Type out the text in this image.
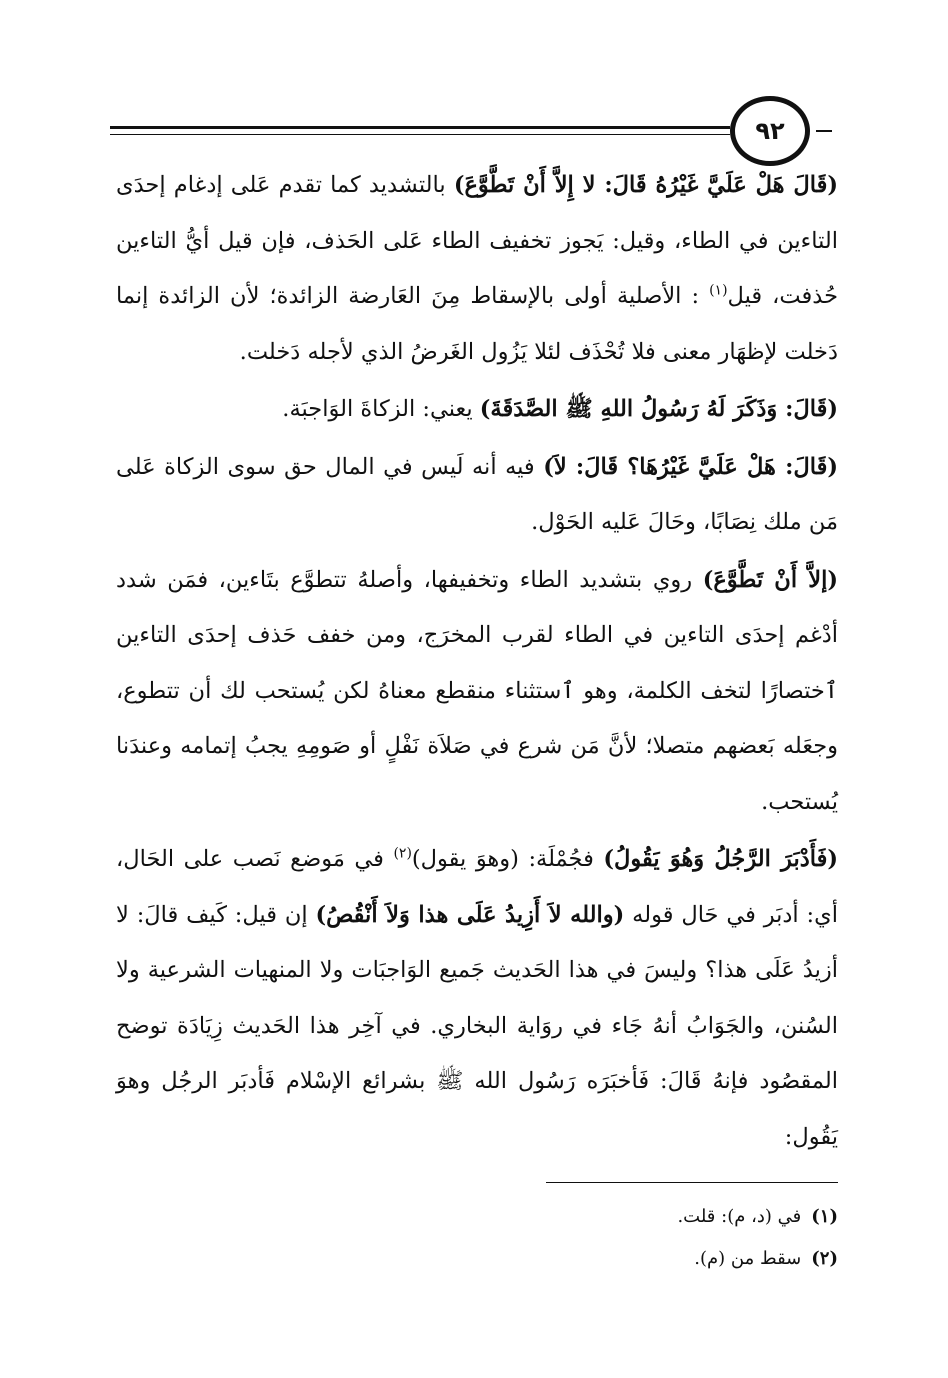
٩٢

(قَالَ هَلْ عَلَيَّ غَيْرُهُ قَالَ: لا إِلاَّ أَنْ تَطَّوَّعَ) بالتشديد كما تقدم عَلى إدغام إحدَى التاءين في الطاء، وقيل: يَجوز تخفيف الطاء عَلى الحَذف، فإن قيل أيُّ التاءين حُذفت، قيل$^{(١)}$ : الأصلية أولى بالإسقاط مِنَ العَارضة الزائدة؛ لأن الزائدة إنما دَخلت لإظهَار معنى فلا تُحْذَف لئلا يَزُول الغَرضُ الذي لأجله دَخلت.

(قَالَ: وَذَكَرَ لَهُ رَسُولُ اللهِ ﷺ الصَّدَقَةَ) يعني: الزكاةَ الوَاجبَة.

(قَالَ: هَلْ عَلَيَّ غَيْرُهَا؟ قَالَ: لاَ) فيه أنه لَيس في المال حق سوى الزكاة عَلى مَن ملك نِصَابًا، وحَالَ عَليه الحَوْل.

(إلاَّ أَنْ تَطَّوَّعَ) روي بتشديد الطاء وتخفيفها، وأصلهُ تتطوَّع بتَاءين، فمَن شدد أدْغم إحدَى التاءين في الطاء لقرب المخرَج، ومن خفف حَذف إحدَى التاءين ٱختصارًا لتخف الكلمة، وهو ٱستثناء منقطع معناهُ لكن يُستحب لك أن تتطوع، وجعَله بَعضهم متصلا؛ لأنَّ مَن شرع في صَلاَة نَفْلٍ أو صَومِهِ يجبُ إتمامه وعندَنا يُستحب.

(فَأَدْبَرَ الرَّجُلُ وَهُوَ يَقُولُ) فجُمْلَة: (وهوَ يقول)$^{(٢)}$ في مَوضع نَصب على الحَال، أي: أدبَر في حَال قوله (والله لاَ أَزِيدُ عَلَى هذا وَلاَ أَنْقُصُ) إن قيل: كَيف قالَ: لا أزيدُ عَلَى هذا؟ وليسَ في هذا الحَديث جَميع الوَاجبَات ولا المنهيات الشرعية ولا السُنن، والجَوَابُ أنهُ جَاء في روَاية البخاري. في آخِر هذا الحَديث زِيَادَة توضح المقصُود فإنهُ قَالَ: فَأخبَرَه رَسُول الله ﷺ بشرائع الإسْلام فَأدبَر الرجُل وهوَ يَقُول:

(١)في (د، م): قلت.

(٢)سقط من (م).
